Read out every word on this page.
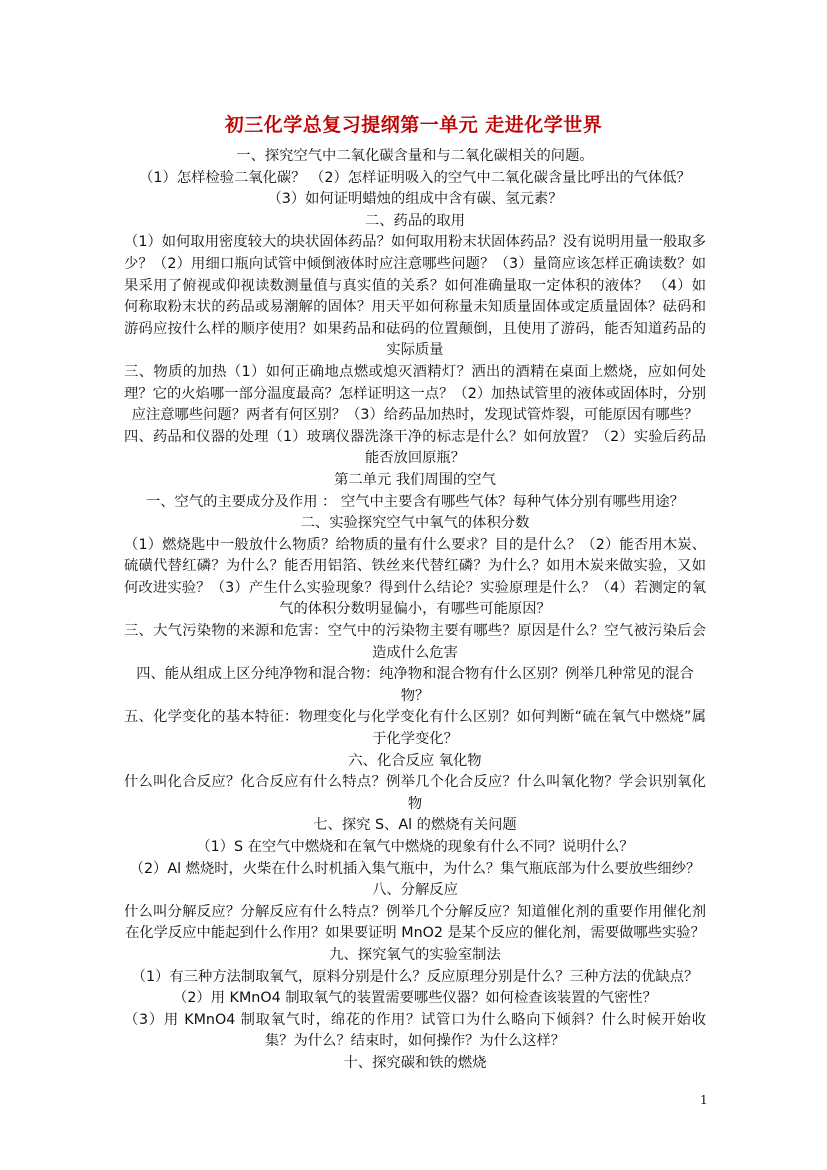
初三化学总复习提纲第一单元 走进化学世界

一、探究空气中二氧化碳含量和与二氧化碳相关的问题。

（1）怎样检验二氧化碳？ （2）怎样证明吸入的空气中二氧化碳含量比呼出的气体低？

（3）如何证明蜡烛的组成中含有碳、氢元素？

二、药品的取用

（1）如何取用密度较大的块状固体药品？如何取用粉末状固体药品？没有说明用量一般取多少？（2）用细口瓶向试管中倾倒液体时应注意哪些问题？（3）量筒应该怎样正确读数？如果采用了俯视或仰视读数测量值与真实值的关系？如何准确量取一定体积的液体？ （4）如何称取粉末状的药品或易潮解的固体？用天平如何称量未知质量固体或定质量固体？砝码和游码应按什么样的顺序使用？如果药品和砝码的位置颠倒，且使用了游码，能否知道药品的实际质量

三、物质的加热（1）如何正确地点燃或熄灭酒精灯？洒出的酒精在桌面上燃烧，应如何处理？它的火焰哪一部分温度最高？怎样证明这一点？（2）加热试管里的液体或固体时，分别应注意哪些问题？两者有何区别？（3）给药品加热时，发现试管炸裂，可能原因有哪些？

四、药品和仪器的处理（1）玻璃仪器洗涤干净的标志是什么？如何放置？（2）实验后药品能否放回原瓶？

第二单元 我们周围的空气

一、空气的主要成分及作用 ： 空气中主要含有哪些气体？每种气体分别有哪些用途？

二、实验探究空气中氧气的体积分数

（1）燃烧匙中一般放什么物质？给物质的量有什么要求？目的是什么？（2）能否用木炭、硫磺代替红磷？为什么？能否用铝箔、铁丝来代替红磷？为什么？如用木炭来做实验，又如何改进实验？（3）产生什么实验现象？得到什么结论？实验原理是什么？（4）若测定的氧气的体积分数明显偏小，有哪些可能原因？

三、大气污染物的来源和危害：空气中的污染物主要有哪些？原因是什么？空气被污染后会造成什么危害

四、能从组成上区分纯净物和混合物：纯净物和混合物有什么区别？例举几种常见的混合物？

五、化学变化的基本特征：物理变化与化学变化有什么区别？如何判断“硫在氧气中燃烧”属于化学变化？

六、化合反应 氧化物

什么叫化合反应？化合反应有什么特点？例举几个化合反应？什么叫氧化物？学会识别氧化物

七、探究 S、Al 的燃烧有关问题

（1）S 在空气中燃烧和在氧气中燃烧的现象有什么不同？说明什么？

（2）Al 燃烧时，火柴在什么时机插入集气瓶中，为什么？集气瓶底部为什么要放些细纱？

八、分解反应

什么叫分解反应？分解反应有什么特点？例举几个分解反应？知道催化剂的重要作用催化剂在化学反应中能起到什么作用？如果要证明 MnO2 是某个反应的催化剂，需要做哪些实验？

九、探究氧气的实验室制法

（1）有三种方法制取氧气，原料分别是什么？反应原理分别是什么？三种方法的优缺点？

（2）用 KMnO4 制取氧气的装置需要哪些仪器？如何检查该装置的气密性？

（3）用 KMnO4 制取氧气时，绵花的作用？试管口为什么略向下倾斜？什么时候开始收集？为什么？结束时，如何操作？为什么这样？

十、探究碳和铁的燃烧

1
